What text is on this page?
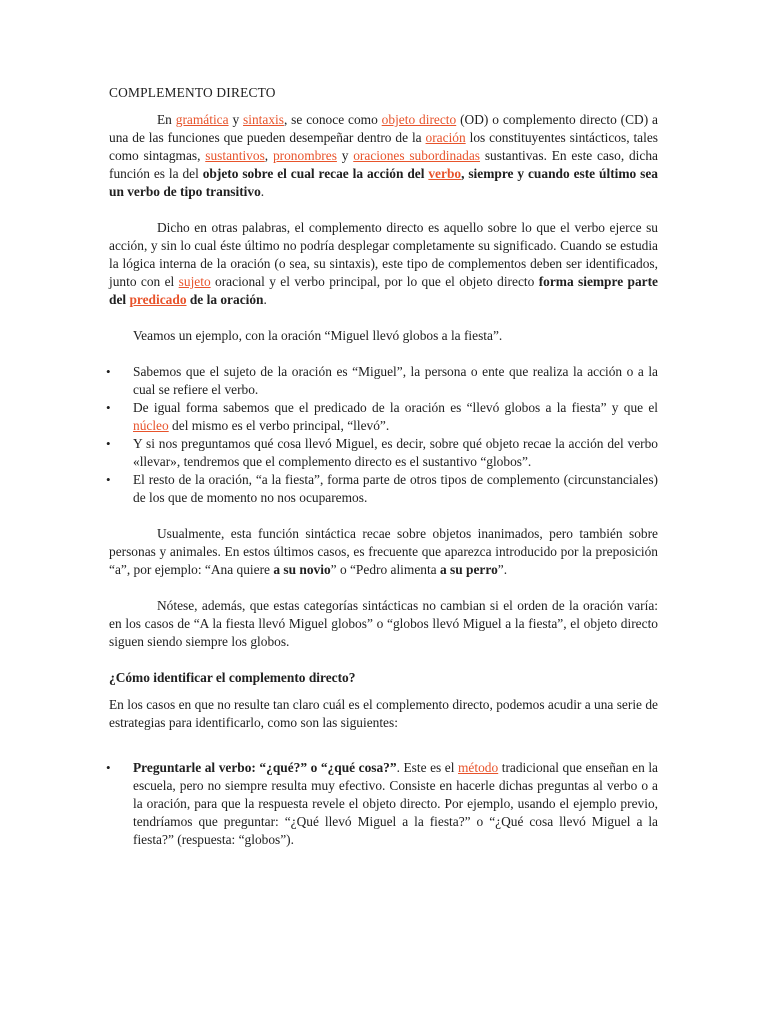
COMPLEMENTO DIRECTO

En gramática y sintaxis, se conoce como objeto directo (OD) o complemento directo (CD) a una de las funciones que pueden desempeñar dentro de la oración los constituyentes sintácticos, tales como sintagmas, sustantivos, pronombres y oraciones subordinadas sustantivas. En este caso, dicha función es la del objeto sobre el cual recae la acción del verbo, siempre y cuando este último sea un verbo de tipo transitivo.

Dicho en otras palabras, el complemento directo es aquello sobre lo que el verbo ejerce su acción, y sin lo cual éste último no podría desplegar completamente su significado. Cuando se estudia la lógica interna de la oración (o sea, su sintaxis), este tipo de complementos deben ser identificados, junto con el sujeto oracional y el verbo principal, por lo que el objeto directo forma siempre parte del predicado de la oración.

Veamos un ejemplo, con la oración “Miguel llevó globos a la fiesta”.

• Sabemos que el sujeto de la oración es “Miguel”, la persona o ente que realiza la acción o a la cual se refiere el verbo.
• De igual forma sabemos que el predicado de la oración es “llevó globos a la fiesta” y que el núcleo del mismo es el verbo principal, “llevó”.
• Y si nos preguntamos qué cosa llevó Miguel, es decir, sobre qué objeto recae la acción del verbo «llevar», tendremos que el complemento directo es el sustantivo “globos”.
• El resto de la oración, “a la fiesta”, forma parte de otros tipos de complemento (circunstanciales) de los que de momento no nos ocuparemos.

Usualmente, esta función sintáctica recae sobre objetos inanimados, pero también sobre personas y animales. En estos últimos casos, es frecuente que aparezca introducido por la preposición “a”, por ejemplo: “Ana quiere a su novio” o “Pedro alimenta a su perro”.

Nótese, además, que estas categorías sintácticas no cambian si el orden de la oración varía: en los casos de “A la fiesta llevó Miguel globos” o “globos llevó Miguel a la fiesta”, el objeto directo siguen siendo siempre los globos.

¿Cómo identificar el complemento directo?

En los casos en que no resulte tan claro cuál es el complemento directo, podemos acudir a una serie de estrategias para identificarlo, como son las siguientes:

• Preguntarle al verbo: “¿qué?” o “¿qué cosa?”. Este es el método tradicional que enseñan en la escuela, pero no siempre resulta muy efectivo. Consiste en hacerle dichas preguntas al verbo o a la oración, para que la respuesta revele el objeto directo. Por ejemplo, usando el ejemplo previo, tendríamos que preguntar: “¿Qué llevó Miguel a la fiesta?” o “¿Qué cosa llevó Miguel a la fiesta?” (respuesta: “globos”).
